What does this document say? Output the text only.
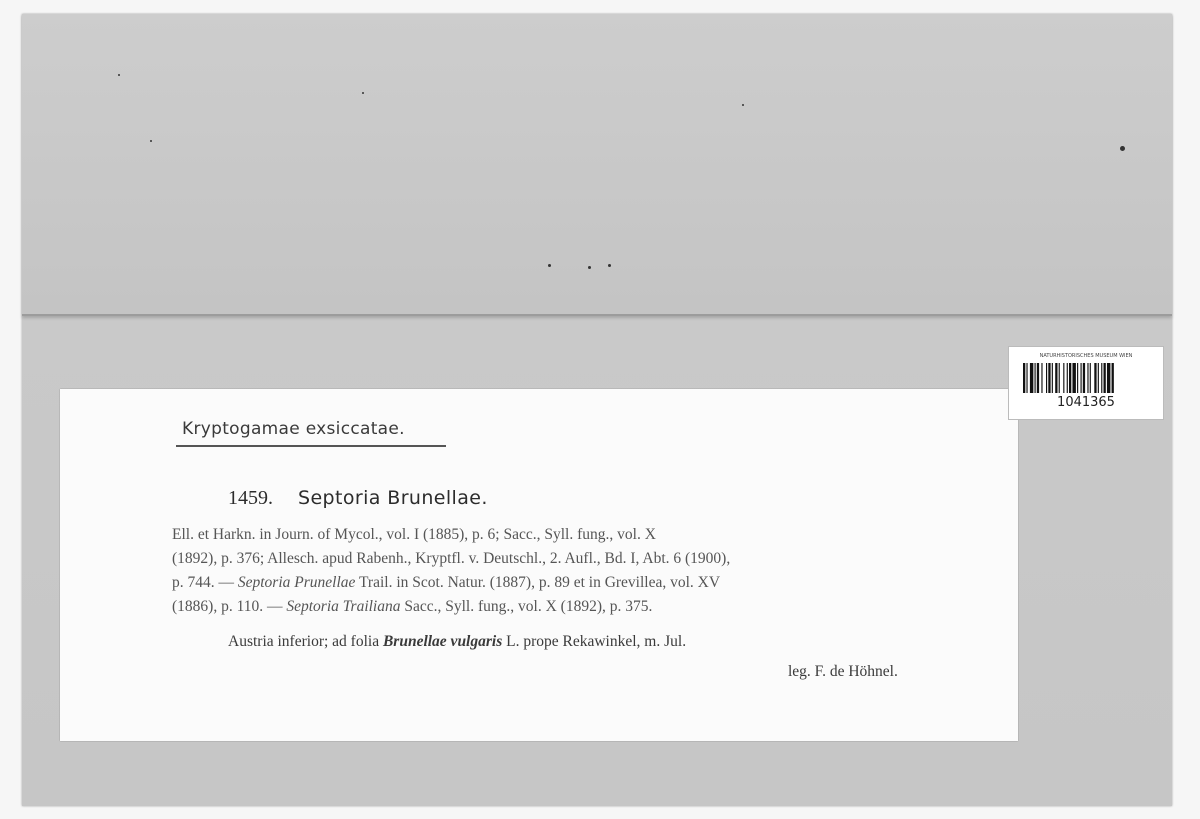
Kryptogamae exsiccatae.
1459. Septoria Brunellae.
Ell. et Harkn. in Journ. of Mycol., vol. I (1885), p. 6; Sacc., Syll. fung., vol. X
(1892), p. 376; Allesch. apud Rabenh., Kryptfl. v. Deutschl., 2. Aufl., Bd. I, Abt. 6 (1900),
p. 744. — Septoria Prunellae Trail. in Scot. Natur. (1887), p. 89 et in Grevillea, vol. XV
(1886), p. 110. — Septoria Trailiana Sacc., Syll. fung., vol. X (1892), p. 375.
Austria inferior; ad folia Brunellae vulgaris L. prope Rekawinkel, m. Jul.
leg. F. de Höhnel.
NATURHISTORISCHES MUSEUM WIEN
1041365
